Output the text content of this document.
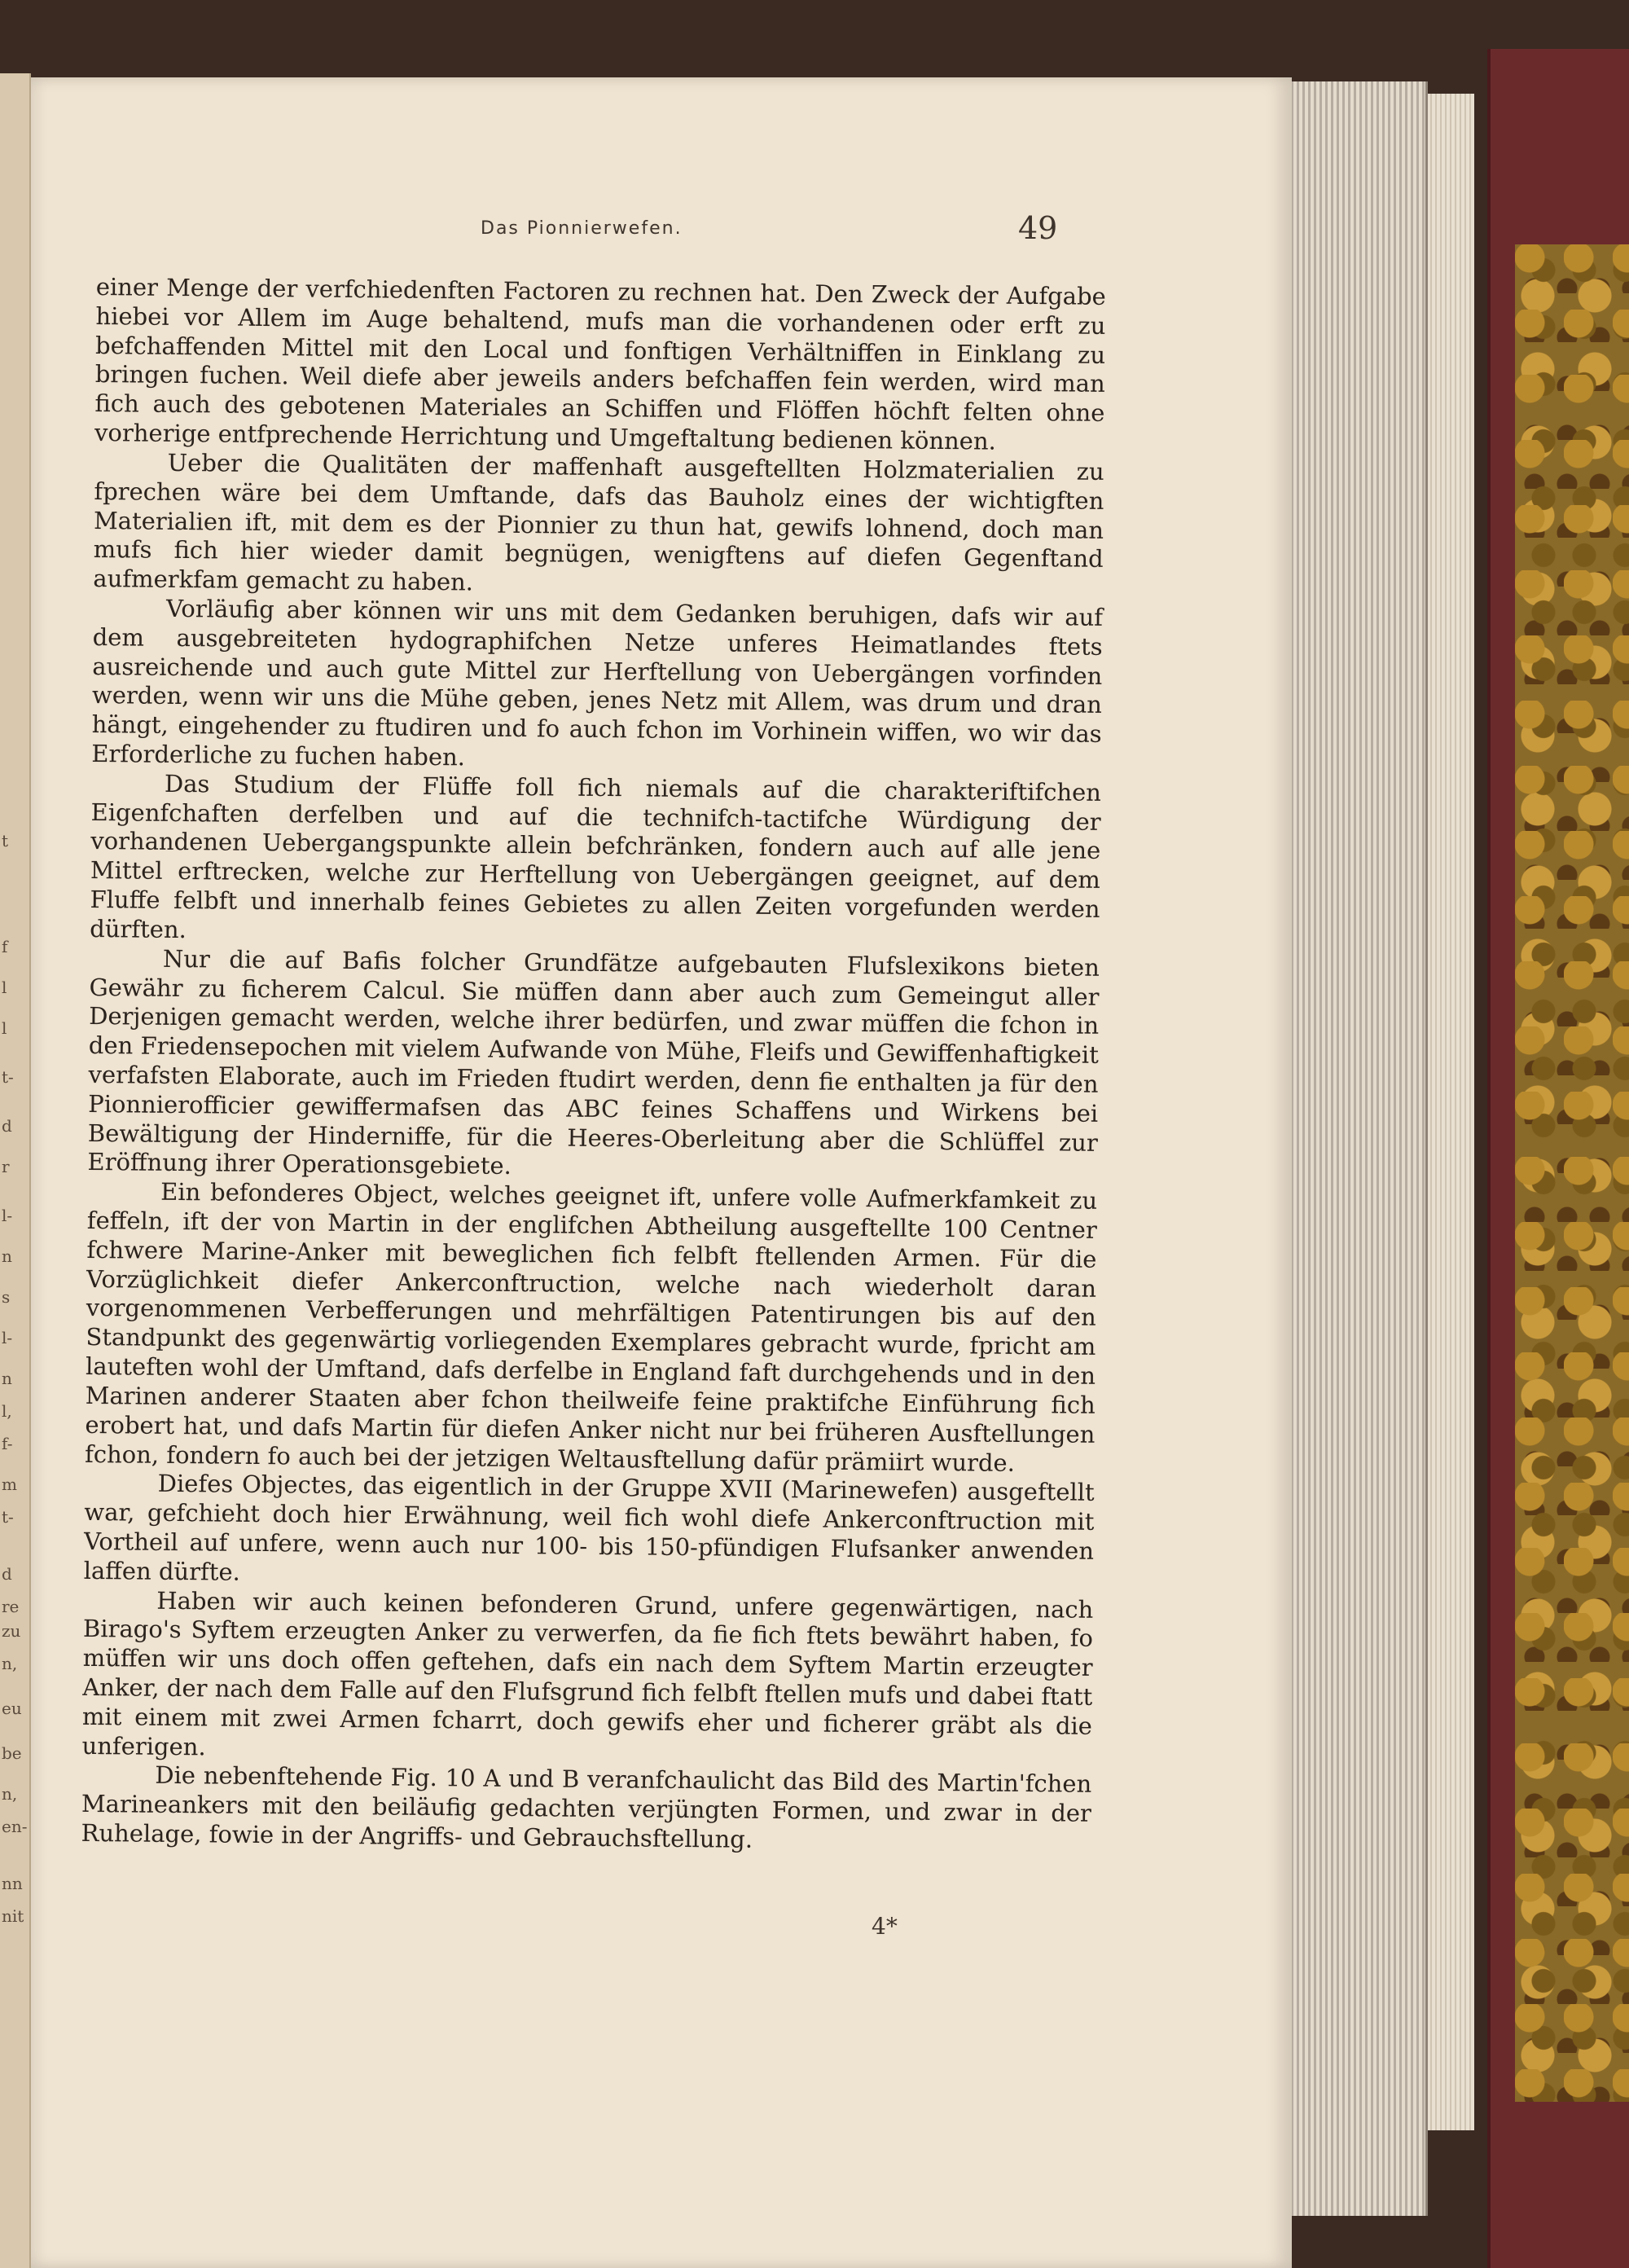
t
f
l
l
t-
d
r
l-
n
s
l-
n
l,
f-
m
t-
d
re
zu
n,
eu
be
n,
en-
nn
nit
Das Pionnierwefen.	49

einer Menge der verfchiedenften Factoren zu rechnen hat. Den Zweck der Aufgabe hiebei vor Allem im Auge behaltend, mufs man die vorhandenen oder erft zu befchaffenden Mittel mit den Local und fonftigen Verhältniffen in Einklang zu bringen fuchen. Weil diefe aber jeweils anders befchaffen fein werden, wird man fich auch des gebotenen Materiales an Schiffen und Flöffen höchft felten ohne vorherige entfprechende Herrichtung und Umgeftaltung bedienen können.

Ueber die Qualitäten der maffenhaft ausgeftellten Holzmaterialien zu fprechen wäre bei dem Umftande, dafs das Bauholz eines der wichtigften Materialien ift, mit dem es der Pionnier zu thun hat, gewifs lohnend, doch man mufs fich hier wieder damit begnügen, wenigftens auf diefen Gegenftand aufmerkfam gemacht zu haben.

Vorläufig aber können wir uns mit dem Gedanken beruhigen, dafs wir auf dem ausgebreiteten hydographifchen Netze unferes Heimatlandes ftets ausreichende und auch gute Mittel zur Herftellung von Uebergängen vorfinden werden, wenn wir uns die Mühe geben, jenes Netz mit Allem, was drum und dran hängt, eingehender zu ftudiren und fo auch fchon im Vorhinein wiffen, wo wir das Erforderliche zu fuchen haben.

Das Studium der Flüffe foll fich niemals auf die charakteriftifchen Eigenfchaften derfelben und auf die technifch-tactifche Würdigung der vorhandenen Uebergangspunkte allein befchränken, fondern auch auf alle jene Mittel erftrecken, welche zur Herftellung von Uebergängen geeignet, auf dem Fluffe felbft und innerhalb feines Gebietes zu allen Zeiten vorgefunden werden dürften.

Nur die auf Bafis folcher Grundfätze aufgebauten Flufslexikons bieten Gewähr zu ficherem Calcul. Sie müffen dann aber auch zum Gemeingut aller Derjenigen gemacht werden, welche ihrer bedürfen, und zwar müffen die fchon in den Friedensepochen mit vielem Aufwande von Mühe, Fleifs und Gewiffenhaftigkeit verfafsten Elaborate, auch im Frieden ftudirt werden, denn fie enthalten ja für den Pionnierofficier gewiffermafsen das ABC feines Schaffens und Wirkens bei Bewältigung der Hinderniffe, für die Heeres-Oberleitung aber die Schlüffel zur Eröffnung ihrer Operationsgebiete.

Ein befonderes Object, welches geeignet ift, unfere volle Aufmerkfamkeit zu feffeln, ift der von Martin in der englifchen Abtheilung ausgeftellte 100 Centner fchwere Marine-Anker mit beweglichen fich felbft ftellenden Armen. Für die Vorzüglichkeit diefer Ankerconftruction, welche nach wiederholt daran vorgenommenen Verbefferungen und mehrfältigen Patentirungen bis auf den Standpunkt des gegenwärtig vorliegenden Exemplares gebracht wurde, fpricht am lauteften wohl der Umftand, dafs derfelbe in England faft durchgehends und in den Marinen anderer Staaten aber fchon theilweife feine praktifche Einführung fich erobert hat, und dafs Martin für diefen Anker nicht nur bei früheren Ausftellungen fchon, fondern fo auch bei der jetzigen Weltausftellung dafür prämiirt wurde.

Diefes Objectes, das eigentlich in der Gruppe XVII (Marinewefen) ausgeftellt war, gefchieht doch hier Erwähnung, weil fich wohl diefe Ankerconftruction mit Vortheil auf unfere, wenn auch nur 100- bis 150-pfündigen Flufsanker anwenden laffen dürfte.

Haben wir auch keinen befonderen Grund, unfere gegenwärtigen, nach Birago's Syftem erzeugten Anker zu verwerfen, da fie fich ftets bewährt haben, fo müffen wir uns doch offen geftehen, dafs ein nach dem Syftem Martin erzeugter Anker, der nach dem Falle auf den Flufsgrund fich felbft ftellen mufs und dabei ftatt mit einem mit zwei Armen fcharrt, doch gewifs eher und ficherer gräbt als die unferigen.

Die nebenftehende Fig. 10 A und B veranfchaulicht das Bild des Martin'fchen Marineankers mit den beiläufig gedachten verjüngten Formen, und zwar in der Ruhelage, fowie in der Angriffs- und Gebrauchsftellung.

4*
